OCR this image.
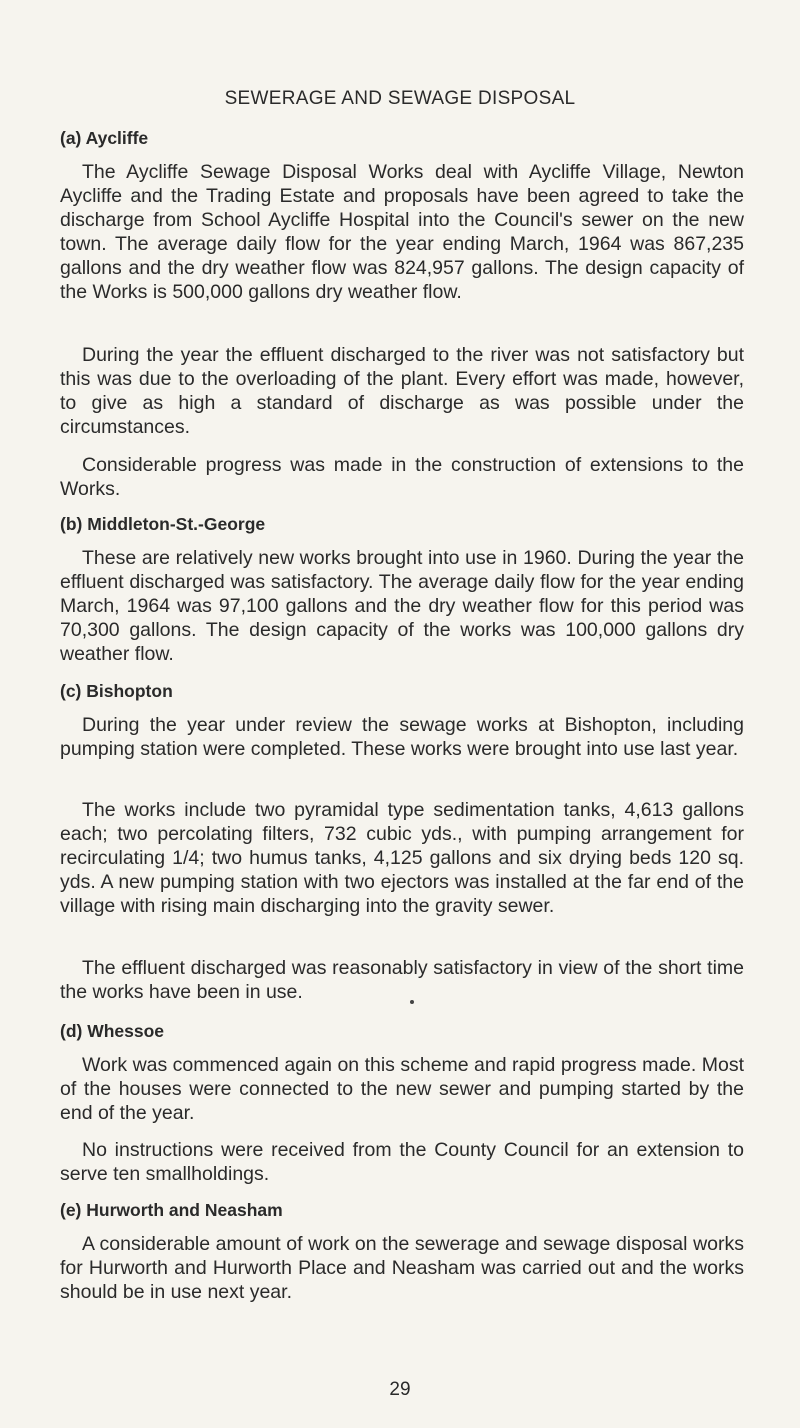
SEWERAGE AND SEWAGE DISPOSAL
(a) Aycliffe
The Aycliffe Sewage Disposal Works deal with Aycliffe Village, Newton Aycliffe and the Trading Estate and proposals have been agreed to take the discharge from School Aycliffe Hospital into the Council's sewer on the new town. The average daily flow for the year ending March, 1964 was 867,235 gallons and the dry weather flow was 824,957 gallons. The design capacity of the Works is 500,000 gallons dry weather flow.
During the year the effluent discharged to the river was not satisfactory but this was due to the overloading of the plant. Every effort was made, however, to give as high a standard of discharge as was possible under the circumstances.
Considerable progress was made in the construction of extensions to the Works.
(b) Middleton-St.-George
These are relatively new works brought into use in 1960. During the year the effluent discharged was satisfactory. The average daily flow for the year ending March, 1964 was 97,100 gallons and the dry weather flow for this period was 70,300 gallons. The design capacity of the works was 100,000 gallons dry weather flow.
(c) Bishopton
During the year under review the sewage works at Bishopton, including pumping station were completed. These works were brought into use last year.
The works include two pyramidal type sedimentation tanks, 4,613 gallons each; two percolating filters, 732 cubic yds., with pumping arrangement for recirculating 1/4; two humus tanks, 4,125 gallons and six drying beds 120 sq. yds. A new pumping station with two ejectors was installed at the far end of the village with rising main discharging into the gravity sewer.
The effluent discharged was reasonably satisfactory in view of the short time the works have been in use.
(d) Whessoe
Work was commenced again on this scheme and rapid progress made. Most of the houses were connected to the new sewer and pumping started by the end of the year.
No instructions were received from the County Council for an extension to serve ten smallholdings.
(e) Hurworth and Neasham
A considerable amount of work on the sewerage and sewage disposal works for Hurworth and Hurworth Place and Neasham was carried out and the works should be in use next year.
29
